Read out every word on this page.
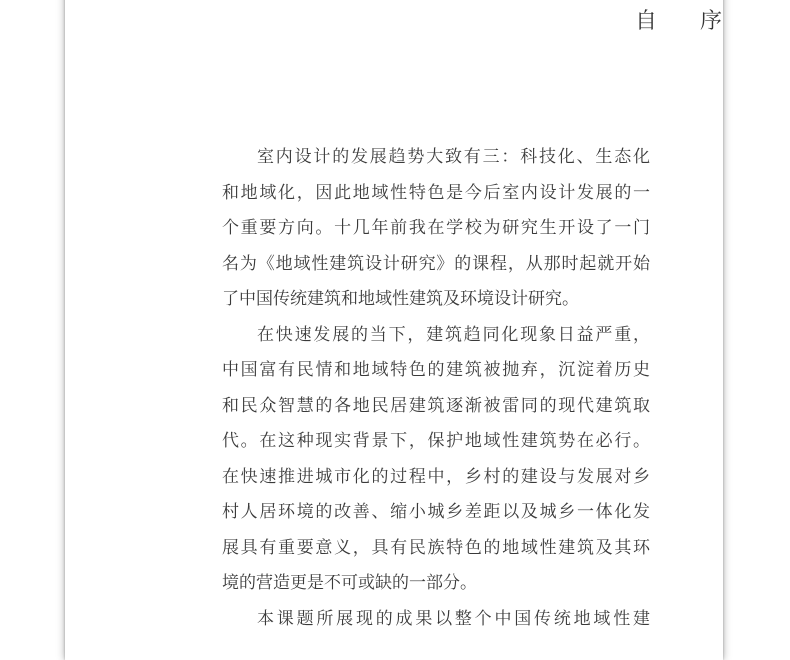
自 序

室内设计的发展趋势大致有三：科技化、生态化
和地域化，因此地域性特色是今后室内设计发展的一
个重要方向。十几年前我在学校为研究生开设了一门
名为《地域性建筑设计研究》的课程，从那时起就开始
了中国传统建筑和地域性建筑及环境设计研究。

在快速发展的当下，建筑趋同化现象日益严重，
中国富有民情和地域特色的建筑被抛弃，沉淀着历史
和民众智慧的各地民居建筑逐渐被雷同的现代建筑取
代。在这种现实背景下，保护地域性建筑势在必行。
在快速推进城市化的过程中，乡村的建设与发展对乡
村人居环境的改善、缩小城乡差距以及城乡一体化发
展具有重要意义，具有民族特色的地域性建筑及其环
境的营造更是不可或缺的一部分。

本课题所展现的成果以整个中国传统地域性建
